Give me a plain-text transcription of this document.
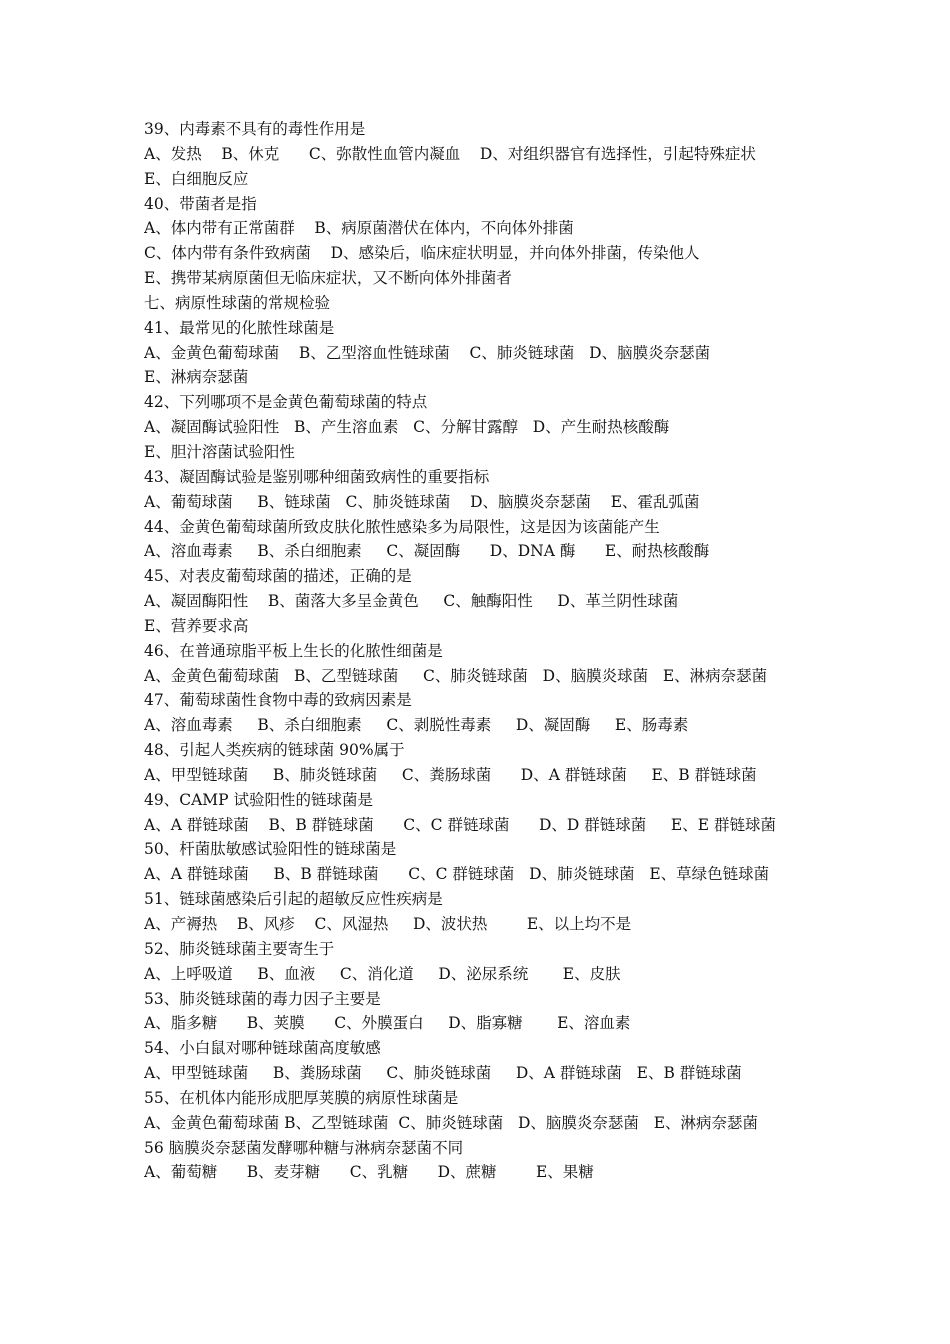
39、内毒素不具有的毒性作用是
A、发热    B、休克      C、弥散性血管内凝血    D、对组织器官有选择性，引起特殊症状
E、白细胞反应
40、带菌者是指
A、体内带有正常菌群    B、病原菌潜伏在体内，不向体外排菌
C、体内带有条件致病菌    D、感染后，临床症状明显，并向体外排菌，传染他人
E、携带某病原菌但无临床症状，又不断向体外排菌者
七、病原性球菌的常规检验
41、最常见的化脓性球菌是
A、金黄色葡萄球菌    B、乙型溶血性链球菌    C、肺炎链球菌   D、脑膜炎奈瑟菌
E、淋病奈瑟菌
42、下列哪项不是金黄色葡萄球菌的特点
A、凝固酶试验阳性   B、产生溶血素   C、分解甘露醇   D、产生耐热核酸酶
E、胆汁溶菌试验阳性
43、凝固酶试验是鉴别哪种细菌致病性的重要指标
A、葡萄球菌     B、链球菌   C、肺炎链球菌    D、脑膜炎奈瑟菌    E、霍乱弧菌
44、金黄色葡萄球菌所致皮肤化脓性感染多为局限性，这是因为该菌能产生
A、溶血毒素     B、杀白细胞素     C、凝固酶      D、DNA 酶      E、耐热核酸酶
45、对表皮葡萄球菌的描述，正确的是
A、凝固酶阳性    B、菌落大多呈金黄色     C、触酶阳性     D、革兰阴性球菌
E、营养要求高
46、在普通琼脂平板上生长的化脓性细菌是
A、金黄色葡萄球菌   B、乙型链球菌     C、肺炎链球菌   D、脑膜炎球菌   E、淋病奈瑟菌
47、葡萄球菌性食物中毒的致病因素是
A、溶血毒素     B、杀白细胞素     C、剥脱性毒素     D、凝固酶     E、肠毒素
48、引起人类疾病的链球菌 90%属于
A、甲型链球菌     B、肺炎链球菌     C、粪肠球菌      D、A 群链球菌     E、B 群链球菌
49、CAMP 试验阳性的链球菌是
A、A 群链球菌    B、B 群链球菌      C、C 群链球菌      D、D 群链球菌     E、E 群链球菌
50、杆菌肽敏感试验阳性的链球菌是
A、A 群链球菌     B、B 群链球菌      C、C 群链球菌   D、肺炎链球菌   E、草绿色链球菌
51、链球菌感染后引起的超敏反应性疾病是
A、产褥热    B、风疹    C、风湿热     D、波状热        E、以上均不是
52、肺炎链球菌主要寄生于
A、上呼吸道     B、血液     C、消化道     D、泌尿系统       E、皮肤
53、肺炎链球菌的毒力因子主要是
A、脂多糖      B、荚膜      C、外膜蛋白     D、脂寡糖       E、溶血素
54、小白鼠对哪种链球菌高度敏感
A、甲型链球菌     B、粪肠球菌     C、肺炎链球菌     D、A 群链球菌   E、B 群链球菌
55、在机体内能形成肥厚荚膜的病原性球菌是
A、金黄色葡萄球菌 B、乙型链球菌  C、肺炎链球菌   D、脑膜炎奈瑟菌   E、淋病奈瑟菌
56 脑膜炎奈瑟菌发酵哪种糖与淋病奈瑟菌不同
A、葡萄糖      B、麦芽糖      C、乳糖      D、蔗糖        E、果糖
